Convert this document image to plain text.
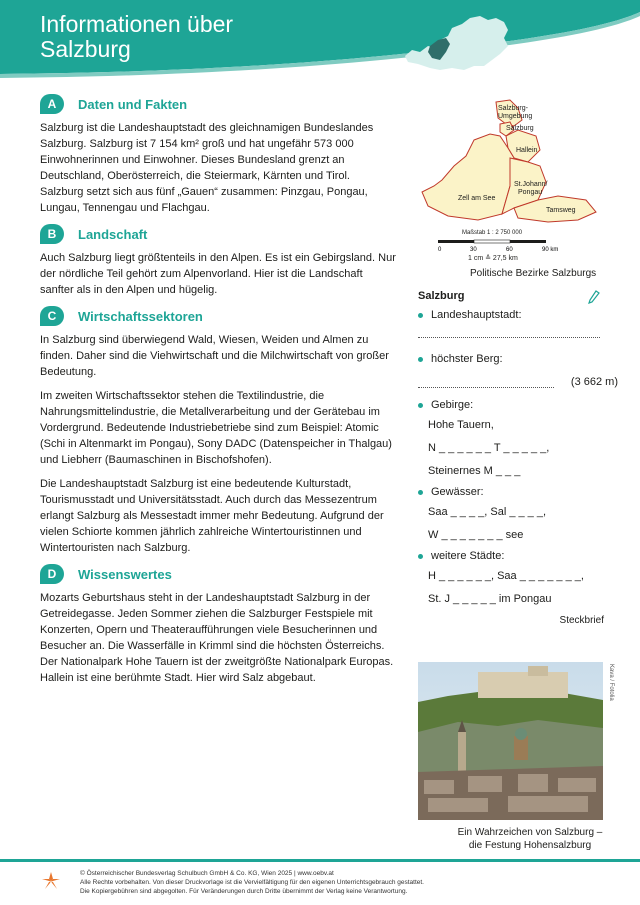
Informationen über
Salzburg
A	Daten und Fakten

Salzburg ist die Landeshauptstadt des gleichnamigen Bundeslandes Salzburg. Salzburg ist 7 154 km² groß und hat ungefähr 573 000 Einwohnerinnen und Einwohner. Dieses Bundesland grenzt an Deutschland, Oberösterreich, die Steiermark, Kärnten und Tirol. Salzburg setzt sich aus fünf „Gauen“ zusammen: Pinzgau, Pongau, Lungau, Tennengau und Flachgau.

B	Landschaft

Auch Salzburg liegt größtenteils in den Alpen. Es ist ein Gebirgsland. Nur der nördliche Teil gehört zum Alpenvorland. Hier ist die Landschaft sanfter als in den Alpen und hügelig.

C	Wirtschaftssektoren

In Salzburg sind überwiegend Wald, Wiesen, Weiden und Almen zu finden. Daher sind die Viehwirtschaft und die Milchwirtschaft von großer Bedeutung.

Im zweiten Wirtschaftssektor stehen die Textilindustrie, die Nahrungsmittelindustrie, die Metallverarbeitung und der Gerätebau im Vordergrund. Bedeutende Industriebetriebe sind zum Beispiel: Atomic (Schi in Altenmarkt im Pongau), Sony DADC (Datenspeicher in Thalgau) und Liebherr (Baumaschinen in Bischofshofen).

Die Landeshauptstadt Salzburg ist eine bedeutende Kulturstadt, Tourismusstadt und Universitätsstadt. Auch durch das Messezentrum erlangt Salzburg als Messestadt immer mehr Bedeutung. Aufgrund der vielen Schiorte kommen jährlich zahlreiche Wintertouristinnen und Wintertouristen nach Salzburg.

D	Wissenswertes

Mozarts Geburtshaus steht in der Landeshauptstadt Salzburg in der Getreidegasse. Jeden Sommer ziehen die Salzburger Festspiele mit Konzerten, Opern und Theateraufführungen viele Besucherinnen und Besucher an. Die Wasserfälle in Krimml sind die höchsten Österreichs. Der Nationalpark Hohe Tauern ist der zweitgrößte Nationalpark Europas. Hallein ist eine berühmte Stadt. Hier wird Salz abgebaut.

Salzburg-
Umgebung
Salzburg
Hallein
St.Johann/
Pongau
Zell am See
Tamsweg
Maßstab 1 : 2 750 000
0	30	60	90 km
1 cm ≙ 27,5 km
Politische Bezirke Salzburgs
Salzburg
Landeshauptstadt:
höchster Berg:
(3 662 m)
Gebirge:
Hohe Tauern,
N _ _ _ _ _ _ T _ _ _ _ _,
Steinernes M _ _ _
Gewässer:
Saa _ _ _ _, Sal _ _ _ _,
W _ _ _ _ _ _ _ see
weitere Städte:
H _ _ _ _ _ _, Saa _ _ _ _ _ _ _,
St. J _ _ _ _ _ im Pongau
Steckbrief
Kava / Fotolia
Ein Wahrzeichen von Salzburg –
die Festung Hohensalzburg
© Österreichischer Bundesverlag Schulbuch GmbH & Co. KG, Wien 2025 | www.oebv.at
Alle Rechte vorbehalten. Von dieser Druckvorlage ist die Vervielfältigung für den eigenen Unterrichtsgebrauch gestattet.
Die Kopiergebühren sind abgegolten. Für Veränderungen durch Dritte übernimmt der Verlag keine Verantwortung.
